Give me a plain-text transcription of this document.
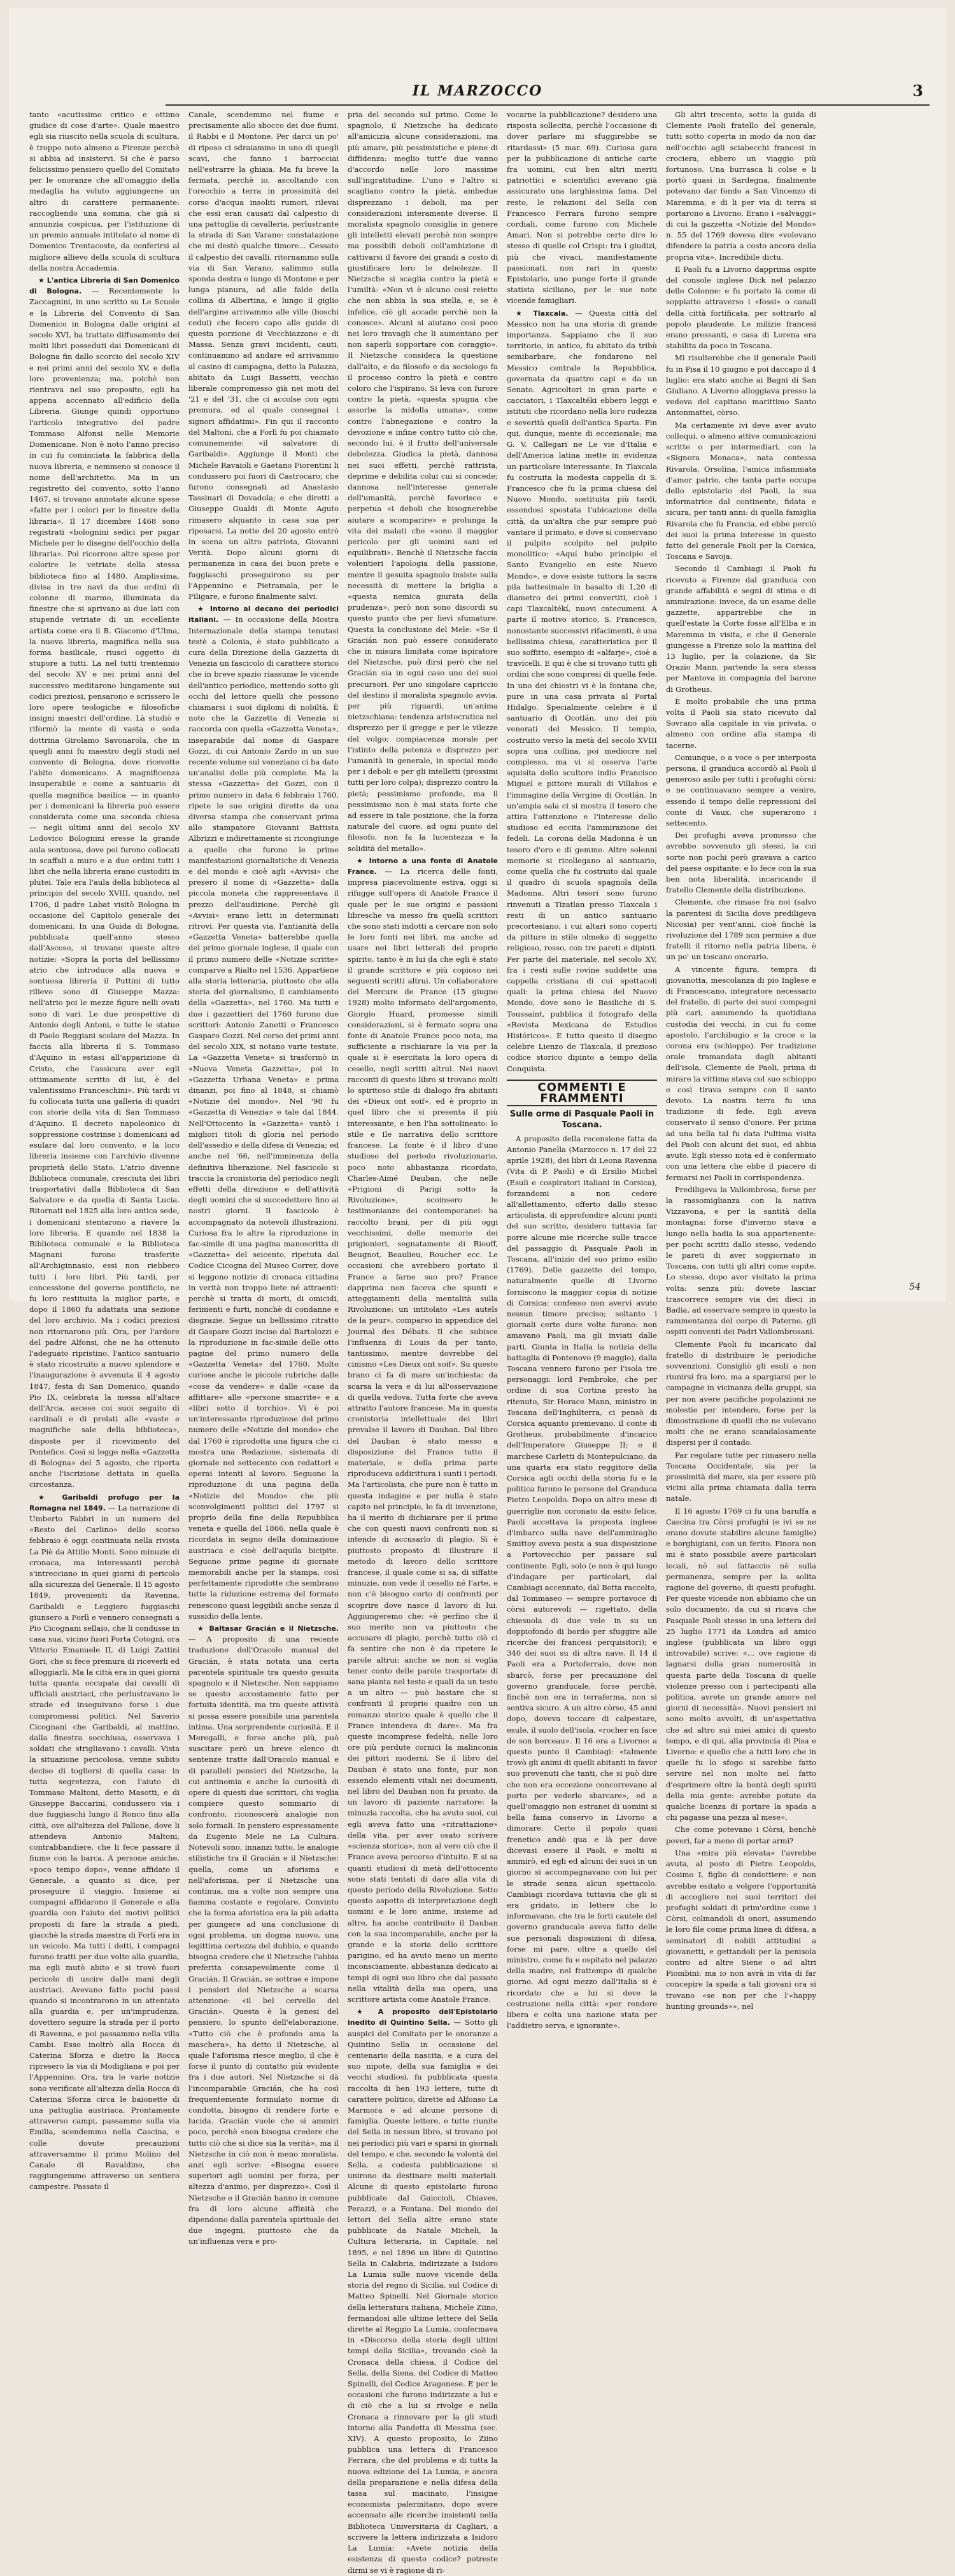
IL MARZOCCO	3

tanto «acutissimo critico e ottimo giudice di cose d'arte». Quale maestro egli sia riuscito nella scuola di scultura, è troppo noto almeno a Firenze perchè si abbia ad insistervi. Si che è parso felicissimo pensiero quello del Comitato per le onoranze che all'omaggio della medaglia ha voluto aggiungerne un altro di carattere permanente: raccogliendo una somma, che già si annunzia cospicua, per l'istituzione di un premio annuale intitolato al nome di Domenico Trentacoste, da conferirsi al migliore allievo della scuola di scultura della nostra Accademia.

★ L'antica Libreria di San Domenico di Bologna. — Recentemente lo Zaccagnini, in uno scritto su Le Scuole e la Libreria del Convento di San Domenico in Bologna dalle origini al secolo XVI, ha trattato diffusamente dei molti libri posseduti dai Domenicani di Bologna fin dallo scorcio del secolo XIV e nei primi anni del secolo XV, e della loro provenienza; ma, poichè non rientrava nel suo proposito, egli ha appena accennato all'edificio della Libreria. Giunge quindi opportuno l'articolo integrativo del padre Tommaso Alfonsi nelle Memorie Domenicane. Non è noto l'anno preciso in cui fu cominciata la fabbrica della nuova libreria, e nemmeno si conosce il nome dell'architetto. Ma in un registretto del convento, sotto l'anno 1467, si trovano annotate alcune spese «fatte per i colori per le finestre della libraria». Il 17 dicembre 1468 sono registrati «bolognini sedici per pagar Michele per lo disegno dell'occhio della libraria». Poi ricorrono altre spese per colorire le vetriate della stessa biblioteca fino al 1480. Amplissima, divisa in tre navi da due ordini di colonne di marmo, illuminata da finestre che si aprivano ai due lati con stupende vetriate di un eccellente artista come era il B. Giacomo d'Ulma, la nuova libreria, magnifica nella sua forma basilicale, riuscì oggetto di stupore a tutti. La nel tutti trentennio del secolo XV e nei primi anni del successivo meditarono lungamente sui codici preziosi, pensarono e scrissero le loro opere teologiche e filosofiche insigni maestri dell'ordine. Là studiò e riformò la mente di vasta e soda dottrina Girolamo Savonarola, che in quegli anni fu maestro degli studi nel convento di Bologna, dove ricevette l'abito domenicano. A magnificenza insuperabile e come a santuario di quella magnifica basilica — in quanto per i domenicani la libreria può essere considerata come una seconda chiesa — negli ultimi anni del secolo XV Lodovico Bolognini eresse la grande aula sontuosa, dove poi furono collocati in scaffali a muro e a due ordini tutti i libri che nella libreria erano custoditi in plutei. Tale era l'aula della biblioteca al principio del secolo XVIII, quando, nel 1706, il padre Labat visitò Bologna in occasione del Capitolo generale dei domenicani. In una Guida di Bologna, pubblicata quell'anno stesso dall'Ascoso, si trovano queste altre notizie: «Sopra la porta del bellissimo atrio che introduce alla nuova e sontuosa libreria il Puttini di tutto rilievo sono di Giuseppe Mazza: nell'atrio poi le mezze figure nelli ovati sono di vari. Le due prospettive di Antonio degli Antoni, e tutte le statue di Paolo Reggiani scolare del Mazza. In faccia alla libreria il S. Tommaso d'Aquino in estasi all'apparizione di Cristo, che l'assicura aver egli ottimamente scritto di lui, è del valentissimo Franceschini». Più tardi vi fu collocata tutta una galleria di quadri con storie della vita di San Tommaso d'Aquino. Il decreto napoleonico di soppressione costrinse i domenicani ad esulare dal loro convento, e la loro libreria insieme con l'archivio divenne proprietà dello Stato. L'atrio divenne Biblioteca comunale, cresciuta dei libri trasportativi dalla Biblioteca di San Salvatore e da quella di Santa Lucia. Ritornati nel 1825 alla loro antica sede, i domenicani stentarono a riavere la loro libreria. E quando nel 1838 la Biblioteca comunale e la Biblioteca Magnani furono trasferite all'Archiginnasio, essi non riebbero tutti i loro libri. Più tardi, per concessione del governo pontificio, ne fu loro restituita la miglior parte, e dopo il 1860 fu adattata una sezione del loro archivio. Ma i codici preziosi non ritornarono più. Ora, per l'ardore del padre Alfonsi, che ne ha ottenuto l'adeguato ripristino, l'antico santuario è stato ricostruito a nuovo splendore e l'inaugurazione è avvenuta il 4 agosto 1847, festa di San Domenico, quando Pio IX, celebrata la messa all'altare dell'Arca, ascese coi suoi seguito di cardinali e di prelati alle «vaste e magnifiche sale della biblioteca», disposte per il ricevimento del Pontefice. Così si legge nella «Gazzetta di Bologna» del 5 agosto, che riporta anche l'iscrizione dettata in quella circostanza.

★ Garibaldi profugo per la Romagna nel 1849. — La narrazione di Umberto Fabbri in un numero del «Resto del Carlino» dello scorso febbraio è oggi continuata nella rivista La Piè da Attilio Monti. Sono minuzie di cronaca, ma interessanti perchè s'intrecciano in quei giorni di pericolo alla sicurezza del Generale. Il 15 agosto 1849, provenienti da Ravenna, Garibaldi e Leggiero fuggiaschi giunsero a Forlì e vennero consegnati a Pio Cicognani sellaio, che li condusse in casa sua, vicino fuori Porta Cotogni, ora Vittorio Emanuele II, di Luigi Zattini Gori, che si fece premura di riceverli ed alloggiarli. Ma la città era in quei giorni tutta quanta occupata dai cavalli di ufficiali austriaci, che perlustravano le strade ed inseguivano forse i due compromessi politici. Nel Saverio Cicognani che Garibaldi, al mattino, dalla finestra socchiusa, osservava i soldati che strigliavano i cavalli. Vista la situazione pericolosa, venne subito deciso di togliersi di quella casa: in tutta segretezza, con l'aiuto di Tommaso Maltoni, detto Masotti, e di Giuseppe Baccarini, condussero via i due fuggiaschi lungo il Ronco fino alla città, ove all'altezza del Pallone, dove li attendeva Antonio Maltoni, contrabbandiere, che li fece passare il fiume con la barca. A persone amiche, «poco tempo dopo», venne affidato il Generale, a quanto si dice, per proseguire il viaggio. Insieme ai compagni affidarono il Generale e alla guardia con l'aiuto dei motivi politici proposti di fare la strada a piedi, giacchè la strada maestra di Forlì era in un veicolo. Ma tutti i detti, i compagni furono tratti per due volte alla guardia, ma egli mutò abito e si trovò fuori pericolo di uscire dalle mani degli austriaci. Avevano fatto pochi passi quando si incontrarono in un attentato alla guardia e, per un'imprudenza, dovettero seguire la strada per il porto di Ravenna, e poi passammo nella villa Cambi. Esso inoltrò alla Rocca di Caterina Sforza e dietro la Rocca ripresero la via di Modigliana e poi per l'Appennino. Ora, tra le varie notizie sono verificate all'altezza della Rocca di Caterina Sforza circa le baionette di una pattuglia austriaca. Prontamente attraverso campi, passammo sulla via Emilia, scendemmo nella Cascina, e colle dovute precauzioni attraversammo il primo Molino del Canale di Ravaldino, che raggiungemmo attraverso un sentiero campestre. Passato il

Canale, scendemmo nel fiume e precisamente allo sbocco dei due fiumi, il Rabbi e il Montone. Per darci un po' di riposo ci sdraiammo in uno di quegli scavi, che fanno i barrocciai nell'estrarre la ghiaia. Ma fu breve la fermata, perchè io, ascoltando con l'orecchio a terra in prossimità del corso d'acqua insoliti rumori, rilevai che essi eran causati dal calpestio di una pattuglia di cavalleria, perlustrante la strada di San Varano: constatazione che mi destò qualche timore... Cessato il calpestio dei cavalli, ritornammo sulla via di San Varano, salimmo sulla sponda destra e lungo di Montone e per lunga pianura, ad alle falde della collina di Albertina, e lungo il giglio dell'argine arrivammo alle ville (boschi cedui) che fecero capo alle guide di questa porzione di Vecchiazzano e di Massa. Senza gravi incidenti, cauti, continuammo ad andare ed arrivammo al casino di campagna, detto la Palazza, abitato da Luigi Bassetti, vecchio liberale compromesso già nei moti del '21 e del '31, che ci accolse con ogni premura, ed al quale consegnai i signori affidatimi». Fin qui il racconto del Maltoni, che a Forlì fu poi chiamato comunemente: «il salvatore di Garibaldi». Aggiunge il Monti che Michele Ravaioli e Gaetano Fiorentini li condussero poi fuori di Castrocaro; che furono consegnati ad Anastasio Tassinari di Dovadola; e che diretti a Giuseppe Gualdi di Monte Aguto rimasero alquanto in casa sua per riposarsi. La notte del 20 agosto entrò in scena un altro patriota, Giovanni Verità. Dopo alcuni giorni di permanenza in casa dei buon prete e fuggiaschi proseguirono su per l'Appennino e Pietramala, per le Filigare, e furono finalmente salvi.

★ Intorno al decano dei periodici italiani. — In occasione della Mostra Internazionale della stampa tenutasi testè a Colonia, è stato pubblicato a cura della Direzione della Gazzetta di Venezia un fascicolo di carattere storico che in breve spazio riassume le vicende dell'antico periodico, mettendo sotto gli occhi del lettore quelli che possono chiamarsi i suoi diplomi di nobiltà. È noto che la Gazzetta di Venezia si raccorda con quella «Gazzetta Veneta», inseparabile dal nome di Gaspare Gozzi, di cui Antonio Zardo in un suo recente volume sul veneziano ci ha dato un'analisi delle più complete. Ma la stessa «Gazzetta» dei Gozzi, con il primo numero in data 6 febbraio 1760, ripete le sue origini dirette da una diversa stampa che conservant prima allo stampatore Giovanni Battista Albrizzi e indirettamente si ricongiunge a quelle che furono le prime manifestazioni giornalistiche di Venezia e del mondo e cioè agli «Avvisi» che presero il nome di «Gazzetta» dalla piccola moneta che rappresentava il prezzo dell'audizione. Perchè gli «Avvisi» erano letti in determinati ritrovi. Per questa via, l'antianità della «Gazzetta Veneta» batterebbe quella del primo giornale inglese, il quale con il primo numero delle «Notizie scritte» comparve a Rialto nel 1536. Appartiene alla storia letteraria, piuttosto che alla storia del giornalismo, il cambiamento della «Gazzetta», nel 1760. Ma tutti e due i gazzettieri del 1760 furono due scrittori: Antonio Zanetti e Francesco Gasparo Gozzi. Nel corso dei primi anni del secolo XIX, si notano varie testate. La «Gazzetta Veneta» si trasformò in «Nuova Veneta Gazzetta», poi in «Gazzetta Urbana Veneta» e prima dinanzi, poi fino al 1848, si chiamò «Notizie del mondo». Nel '98 fu «Gazzetta di Venezia» e tale dal 1844. Nell'Ottocento la «Gazzetta» vantò i migliori titoli di gloria nel periodo dell'assedio e della difesa di Venezia; ed anche nel '66, nell'imminenza della definitiva liberazione. Nel fascicolo si traccia la cronistoria del periodico negli effetti della direzione e dell'attività degli uomini che si succedettero fino ai nostri giorni. Il fascicolo è accompagnato da notevoli illustrazioni. Curiosa fra le altre la riproduzione in fac-simile di una pagina manoscritta di «Gazzetta» del seicento, ripetuta dal Codice Cicogna del Museo Correr, dove si leggono notizie di cronaca cittadina in verità non troppo liete né attraenti: perchè si tratta di morti, di omicidi, ferimenti e furti, nonchè di condanne e disgrazie. Segue un bellissimo ritratto di Gaspare Gozzi inciso dal Bartolozzi e la riproduzione in fac-simile delle otto pagine del primo numero della «Gazzetta Veneta» del 1760. Molto curiose anche le piccole rubriche dalle «cose da vendere» e dalle «case da affittare» alle «persone smarrite» e a «libri sotto il torchio». Vi è poi un'interessante riproduzione del primo numero delle «Notizie del mondo» che dal 1760 è riprodotta una figura che ci mostra una Redazione, sistemata di giornale nel settecento con redattori e operai intenti al lavoro. Seguono la riproduzione di una pagina della «Notizie del Mondo» che più sconvolgimenti politici del 1797 si proprio della fine della Repubblica veneta e quella del 1866, nella quale è ricordata in segno della dominazione austriaca e cioè dell'aquila bicipite. Seguono prime pagine di giornate memorabili anche per la stampa, così perfettamente riprodotte che sembrano tutte la riduzione estrema del formato renescono quasi leggibili anche senza il sussidio della lente.

★ Baltasar Gracián e il Nietzsche. — A proposito di una recente traduzione dell'Oracolo manual del Gracián, è stata notata una certa parentela spirituale tra questo gesuita spagnolo e il Nietzsche. Non sappiamo se questo accostamento fatto per fortuita identità, ma tra queste attività si possa essere possibile una parentela intima. Una sorprendente curiosità. E il Meregalli, e forse anche più, può suscitare però un breve elenco di sentenze tratte dall'Oracolo manual e di paralleli pensieri del Nietzsche, la cui antinomia e anche la curiosità di opere di questi due scrittori, chi voglia compiere questo sommario di confronto, riconoscerà analogie non solo formali. In pensiero espressamente da Eugenio Mele ne La Cultura. Notevoli sono, innanzi tutto, le analogie stilistiche tra il Gracián e il Nietzsche: quella, come un aforisma e nell'aforisma, per il Nietzsche una continua, ma a volte non sempre una fiamma costante e regolare. Convinto che la forma aforistica era la più adatta per giungere ad una conclusione di ogni problema, un dogma nuovo, una legittima certezza del dubbio, e quando bisogna credere che il Nietzsche l'abbia preferita consapevolmente come il Gracián. Il Gracián, se sottrae e impone i pensieri del Nietzsche a scarsa attenzione: «il bel cervello del Gracián». Questa è la genesi del pensiero, lo spunto dell'elaborazione. «Tutto ciò che è profondo ama la maschera», ha detto il Nietzsche, al quale l'aforisma riesce meglio, il che è forse il punto di contatto più evidente fra i due autori. Nel Nietzsche si dà l'incomparabile Gracián, che ha così frequentemente formulato norme di condotta, bisogno di rendere forte e lucida. Gracián vuole che si ammiri poco, perchè «non bisogna credere che tutto ciò che si dice sia la verità», ma il Nietzsche in ciò non è meno moralista, anzi egli scrive: «Bisogna essere superiori agli uomini per forza, per altezza d'animo, per disprezzo». Così il Nietzsche e il Gracián hanno in comune fra di loro alcune affinità che dipendono dalla parentela spirituale dei due ingegni, piuttosto che da un'influenza vera e pro-

pria del secondo sul primo. Come lo spagnolo, il Nietzsche ha dedicato all'amicizia alcune considerazioni, ma più amare, più pessimistiche e piene di diffidenza: meglio tutt'e due vanno d'accordo nelle loro massime sull'ingratitudine. L'uno e l'altro si scagliano contro la pietà, ambedue disprezzano i deboli, ma per considerazioni interamente diverse. Il moralista spagnolo consiglia in genere gli intelletti elevati perchè non sempre ma possibili deboli coll'ambizione di cattivarsi il favore dei grandi a costo di giustificare loro le debolezze. Il Nietzsche si scaglia contro la pietà e l'umiltà: «Non vi è alcuno così reietto che non abbia la sua stella, e, se è infelice, ciò gli accade perchè non la conosce». Alcuni si aiutano così poco nei loro travagli che li aumentano per non saperli sopportare con coraggio». Il Nietzsche considera la questione dall'alto, e da filosofo e da sociologo fa il processo contro la pietà e contro coloro che l'ispirano. Si leva con furore contro la pietà, «questa spugna che assorbe la midolla umana», come contro l'abnegazione e contro la devozione e infine contro tutto ciò che, secondo lui, è il frutto dell'universale debolezza. Giudica la pietà, dannosa nei suoi effetti, perchè rattrista, deprime e debilita colui cui si concede; dannosa nell'interesse generale dell'umanità, perchè favorisce e perpetua «i deboli che bisognerebbe aiutare a scomparire» e prolunga la vita dei malati che «sono il maggior pericolo per gli uomini sani ed equilibrati». Benchè il Nietzsche faccia volentieri l'apologia della passione, mentre il gesuita spagnolo insiste sulla necessità di mettere la briglia a «questa nemica giurata della prudenza», però non sono discordi su questo punto che per lievi sfumature. Questa la conclusione del Mele: «Se il Gracián non può essere considerato che in misura limitata come ispiratore del Nietzsche, può dirsi però che nel Gracián sia in ogni caso uno dei suoi precursori. Per uno singolare capriccio del destino il moralista spagnolo avvia, per più riguardi, un'anima nietzschiana: tendenza aristocratica nel disprezzo per il gregge e per le vilezze del volgo; compiacenza morale per l'istinto della potenza e disprezzo per l'umanità in generale, in special modo per i deboli e per gli intelletti (prossimi tutti per loro colpa); disprezzo contro la pietà; pessimismo profondo, ma il pessimismo non è mai stata forte che ad essere in tale posizione, che la forza naturale del cuore, ad ogni punto del filosofo, non fa la lucentezza e la solidità del metallo».

★ Intorno a una fonte di Anatole France. — La ricerca delle fonti, impresa piacevolmente estiva, oggi si rifugge sull'opera di Anatole France il quale per le sue origini e passioni libresche va messo fra quelli scrittori che sono stati indotti a cercare non solo le loro fonti nei libri, ma anche ad usare nei libri letterali del proprio spirito, tanto è in lui da che egli è stato il grande scrittore e più copioso nei seguenti scritti altrui. Un collaboratore del Mercure de France (15 giugno 1928) molto informato dell'argomento, Giorgio Huard, promesse simili considerazioni, si è fermato sopra una fonte di Anatole France poco nota, ma sufficiente a rischiarare la via per la quale si è esercitata la loro opera di cesello, negli scritti altrui. Nei nuovi racconti di questo libro si trovano molti lo spiritoso stile di dialogo fra abitanti dei «Dieux ont soif», ed è proprio in quel libro che si presenta il più interessante, e ben l'ha sottolineato: lo stile e Ile narrativa dello scrittore francese. La fonte è il libro d'uno studioso del periodo rivoluzionario, poco noto abbastanza ricordato, Charles-Aimé Dauban, che nelle «Prigioni di Parigi sotto la Rivoluzione», scoinsero le testimonianze dei contemporanei: ha raccolto brani, per di più oggi vecchissimi, delle memorie dei prigionieri, segnatamente di Riouff, Beugnot, Beaulieu, Roucher ecc. Le occasioni che avrebbero portato il France a farne suo pro? France dapprima non faceva che spunti e atteggiamenti della mentalità sulla Rivoluzione: un intitolato «Les autels de la peur», comparso in appendice del Journal des Débats. Il che subisce l'influenza di Louis da per tanto, tantissimo, mentre dovrebbe del cinismo «Les Dieux ont soif». Su questo brano ci fa di mare un'inchiesta: da scarsa la vera e di lui all'osservazione di quella vedova. Tutta forte che aveva attratto l'autore francese. Ma in questa cronistoria intellettuale dei libri prevalse il lavoro di Dauban. Dal libro del Dauban è stato messo a disposizione del France tutto il materiale, e della prima parte riproduceva addirittura i sunti i periodi. Ma l'articolista, che pure non è tutto in questa indagine e per nulla è stato capito nel principio, lo fa di invenzione, ha il merito di dichiarare per il primo che con questi nuovi confronti non si intende di accusarlo di plagio. Sì è piuttosto proposto di illustrare il metodo di lavoro dello scrittore francese, il quale come si sa, di siffatte minuzie, non vede il cesello né l'arte, e non c'è bisogno certo di confronti per scoprire dove nasce il lavoro di lui. Aggiungeremo che: «è perfino che il suo merito non va piuttosto che accusare di plagio, perchè tutto ciò ci fa sentire che non è da ripetere le parole altrui: anche se non si voglia tener conto delle parole trasportate di sana pianta nel testo e quali da un testo a un altro — può bastare che si confronti il proprio quadro con un romanzo storico quale è quello che il France intendeva di dare». Ma fra queste incomprese fedeltà, nelle loro ore più perdute cornici la malinconia dei pittori moderni. Se il libro del Dauban è stato una fonte, pur non essendo elementi vitali nei documenti, nel libro del Dauban non fu pronto, da un lavoro di paziente narratore: la minuzia raccolta, che ha avuto suoi, cui egli aveva fatto una «ritrattazione» della vita, per aver osato scrivere «scienza storica», non al vero ciò che il France aveva percorso d'intuito. E si sa quanti studiosi di metà dell'ottocento sono stati tentati di dare alla vita di questo periodo della Rivoluzione. Sotto questo aspetto di interpretazione degli uomini e le loro anime, insieme ad altre, ha anche contribuito il Dauban con la sua incomparabile, anche per la grande e la storia dello scrittore parigino, ed ha avuto meno un merito inconsciamente, abbastanza dedicato ai tempi di ogni suo libro che dal passato nella vitalità della sua opera, una scrittore artista come Anatole France.

★ A proposito dell'Epistolario inedito di Quintino Sella. — Sotto gli auspici del Comitato per le onoranze a Quintino Sella in occasione del centenario della nascita, e a cura del suo nipote, della sua famiglia e dei vecchi studiosi, fu pubblicata questa raccolta di ben 193 lettere, tutte di carattere politico, dirette ad Alfonso La Marmora e ad alcune persone di famiglia. Queste lettere, e tutte riunite del Sella in nessun libro, si trovano poi nei periodici più vari e sparsi in giornali del tempo, e che, secondo la volontà del Sella, a codesta pubblicazione si unirono da destinare molti materiali. Alcune di questo epistolario furono pubblicate dal Guiccioli, Chiaves, Perazzi, e a Fontana. Del mondo dei lettori del Sella altre erano state pubblicate da Natale Micheli, la Cultura letteraria, in Capitale, nel 1895, e nel 1896 un libro di Quintino Sella in Calabria, indirizzate a Isidoro La Lumia sulle nuove vicende della storia del regno di Sicilia, sul Codice di Matteo Spinelli. Nel Giornale storico della letteratura italiana, Michele Ziino, fermandosi alle ultime lettere del Sella dirette al Reggio La Lumia, confermava in «Discorso della storia degli ultimi tempi della Sicilia», trovando cioè la Cronaca della chiesa, il Codice del Sella, della Siena, del Codice di Matteo Spinelli, del Codice Aragonese. E per le occasioni che furono indirizzate a lui e di ciò che a lui si rivolge e nella Cronaca a rinnovare per la gli studi intorno alla Pandetta di Messina (sec. XIV). A questo proposito, lo Ziino pubblica una lettera di Francesco Ferrara, che del problema e di tutta la nuova edizione del La Lumia, e ancora della preparazione e nella difesa della tassa sul macinato, l'insigne economista palermitano, dopo avere accennato alle ricerche insistenti nella Biblioteca Universitaria di Cagliari, a scrivere la lettera indirizzata a Isidoro La Lumia: «Avete notizia della esistenza di questo codice? potreste dirmi se vi è ragione di ri-

vocarne la pubblicazione? desidero una risposta sollecita, perchè l'occasione di dover parlare mi sfuggirebbe se ritardassi» (5 mar. 69). Curiosa gara per la pubblicazione di antiche carte fra uomini, cui ben altri meriti patriottici e scientifici avevano già assicurato una larghissima fama. Del resto, le relazioni del Sella con Francesco Ferrara furono sempre cordiali, come furono con Michele Amari. Non si potrebbe certo dire lo stesso di quelle col Crispi: tra i giudizi, più che vivaci, manifestamente passionati, non rari in questo Epistolario, uno punge forte il grande statista siciliano, per le sue note vicende famigliari.

★ Tlaxcala. — Questa città del Messico non ha una storia di grande importanza. Sappiamo che il suo territorio, in antico, fu abitato da tribù semibarbare, che fondarono nel Messico centrale la Repubblica, governata da quattro capi e da un Senato. Agricoltori in gran parte e cacciatori, i Tlaxcaltéki ebbero leggi e istituti che ricordano nella loro rudezza e severità quelli dell'antica Sparta. Fin qui, dunque, mente di eccezionale; ma G. V. Callegari ne Le vie d'Italia e dell'America latina mette in evidenza un particolare interessante. In Tlaxcala fu costruita la modesta cappella di S. Francesco che fu la prima chiesa del Nuovo Mondo, sostituita più tardi, essendosi spostata l'ubicazione della città, da un'altra che pur sempre può vantare il primato, e dove si conservano il pulpito scolpito nel pulpito monolitico: «Aquí hubo principio el Santo Evangelio en este Nuevo Mondo», e dove esiste tuttora la sacra pila battesimale in basalto di 1,20 di diametro dei primi convertiti, cioè i capi Tlaxcaltékí, nuovi catecumeni. A parte il motivo storico, S. Francesco, nonostante successivi rifacimenti, è una bellissima chiesa, caratteristica per il suo soffitto, esempio di «alfarje», cioè a travicelli. E qui è che si trovano tutti gli ordini che sono compresi di quella fede. In uno dei chiostri vi è la fontana che, pure in una casa privata al Portal Hidalgo. Specialmente celebre è il santuario di Ocotlán, uno dei più venerati del Messico. Il tempio, costruito verso la metà del secolo XVIII sopra una collina, poi mediocre nel complesso, ma vi si osserva l'arte squisita dello scultore indio Francisco Miguel e pittore murali di Villabos e l'immagine della Vergine di Ocotlán. In un'ampia sala ci si mostra il tesoro che attira l'attenzione e l'interesse dello studioso ed eccita l'ammirazione dei fedeli. La corona della Madonna è un tesoro d'oro e di gemme. Altre solenni memorie si ricollegano al santuario, come quella che fu costruito dal quale il quadro di scuola spagnola della Madonna. Altri tesori sono furono rinvenuti a Tizatlan presso Tlaxcala i resti di un antico santuario precortesiano, i cui altari sono coperti da pitture in stile olmeko di soggetto religioso, rosso, con tre pareti e dipinti. Per parte del materiale, nel secolo XV, fra i resti sulle rovine suddette una cappella cristiana di cui spettacoli quali: la prima chiesa del Nuovo Mondo, dove sono le Basiliche di S. Toussaint, pubblica il fotografo della «Revista Mexicana de Estudios Históricos». E tutto questo il disegno celebre Lienzo de Tlaxcala, il prezioso codice storico dipinto a tempo della Conquista.

COMMENTI E FRAMMENTI
Sulle orme di Pasquale Paoli in Toscana.

A proposito della recensione fatta da Antonio Panella (Marzocco n. 17 del 22 aprile 1928), dei libri di Leona Ravenna (Vita di P. Paoli) e di Ersilio Michel (Esuli e cospiratori italiani in Corsica), forzandomi a non cedere all'allettamento, offerto dallo stesso articolista, di approfondire alcuni punti del suo scritto, desidero tuttavia far porre alcune mie ricerche sulle tracce del passaggio di Pasquale Paoli in Toscana, all'inizio del suo primo esilio (1769). Delle gazzette del tempo, naturalmente quelle di Livorno forniscono la maggior copia di notizie di Corsica: confesso non avervi avuto nessun timore preciso; soltanto i giornali certe dure volte furono: non amavano Paoli, ma gli inviati dalle parti. Giunta in Italia la notizia della battaglia di Pontenovo (9 maggio), dalla Toscana vennero furono per l'isola tre personaggi: lord Pembroke, che per ordine di sua Cortina presto ha ritenuto, Sir Horace Mann, ministro in Toscana dell'Inghilterra, ci pensò di Corsica aquanto premevano, il conte di Grotheus, probabilmente d'incarico dell'Imperatore Giuseppe II; e il marchese Carletti di Montepulciano, da una quarta era stato reggitore della Corsica agli occhi della storia fu e la politica furono le persone del Granduca Pietro Leopoldo. Dopo un altro mese di guerriglie non coronato da esito felice, Paoli accettava la proposta inglese d'imbarco sulla nave dell'ammiraglio Smittoy aveva posta a sua disposizione a Portovecchio per passare sul continente. Egli, solo (e non è qui luogo d'indagare per particolari, dal Cambiagi accennato, dal Botta raccolto, dal Tommaseo — sempre portavoce di còrsi autorevoli — rigettato, della chiesuola di due vele in su un doppiofondo di bordo per sfuggire alle ricerche dei francesi perquisitori); e 340 dei suoi su di altra nave. Il 14 il Paoli era a Portoferraio, dove non sbarcò, forse per precauzione del governo granducale, forse perchè, finchè non era in terraferma, non si sentiva sicuro. A un altro còrso, 45 anni dopo, doveva toccare di calpestare, esule, il suolo dell'isola, «rocher en face de son berceau». Il 16 era a Livorno: a questo punto il Cambiagi: «talmente trovò gli animi di quelli abitanti in favor suo prevenuti che tanti, che si può dire che non era eccezione concorrevano al porto per vederlo sbarcare», ed a quell'omaggio non estranei di uomini si bella fama conservo in Livorno a dimorare. Certo il popolo quasi frenetico andò qua e là per dove dicevasi essere il Paoli, e molti si ammirò, ed egli ed alcuni dei suoi in un giorno si accompagnavano con lui per le strade senza alcun spettacolo. Cambiagi ricordava tuttavia che gli si era gridato, in lettere che lo informavano, che tra le forti cautele del governo granducale aveva fatto delle sue personali disposizioni di difesa, forse mi pare, oltre a quello del ministro, come fu e ospitato nel palazzo della madre, nel frattempo di qualche giorno. Ad ogni mezzo dall'Italia si è ricordato che a lui si deve la costruzione nella città: «per rendere libera e colta una nazione stata per l'addietro serva, e ignorante».

Gli altri trecento, sotto la guida di Clemente Paoli fratello del generale, tutti sotto coperta in modo da non dar nell'occhio agli sciabecchi francesi in crociera, ebbero un viaggio più fortunoso. Una burrasca li colse e li portò quasi in Sardegna, finalmente potevano dar fondo a San Vincenzo di Maremma, e di li per via di terra si portarono a Livorno. Erano i «salvaggi» di cui la gazzetta «Notizie del Mondo» n. 55 del 1769 doveva dire «volevano difendere la patria a costo ancora della propria vita», Incredibile dictu.

Il Paoli fu a Livorno dapprima ospite del console inglese Dick nel palazzo delle Colonne: e fu portato là come di soppiatto attraverso i «fossi» o canali della città fortificata, per sottrarlo al popolo plaudente. Le milizie francesi erano pressanti, e casa di Lorena era stabilita da poco in Toscana.

Mi risulterebbe che il generale Paoli fu in Pisa il 10 giugno e poi daccapo il 4 luglio: era stato anche ai Bagni di San Giuliano. A Livorno alloggiava presso la vedova del capitano marittimo Santo Antonmattei, còrso.

Ma certamente ivi deve aver avuto colloqui, o almeno attive comunicazioni scritte o per intermediari, con la «Signora Monaca», nata contessa Rivarola, Orsolina, l'amica infiammata d'amor patrio, che tanta parte occupa dello epistolario del Paoli, la sua informatrice dal continente, fidata e sicura, per tanti anni: di quella famiglia Rivarola che fu Francia, ed ebbe perciò dei suoi la prima interesse in questo fatto del generale Paoli per la Corsica, Toscana e Savoja.

Secondo il Cambiagi il Paoli fu ricevuto a Firenze dal granduca con grande affabilità e segni di stima e di ammirazione: invece, da un esame delle gazzette, apparirebbe che in quell'estate la Corte fosse all'Elba e in Maremma in visita, e che il Generale giungesse a Firenze solo la mattina del 13 luglio, per la colazione, da Sir Orazio Mann, partendo la sera stessa per Mantova in compagnia del barone di Grotheus.

È molto probabile che una prima volta il Paoli sia stato ricevuto dal Sovrano alla capitale in via privata, o almeno con ordine alla stampa di tacerne.

Comunque, o a voce o per interposta persona, il granduca accordò al Paoli il generoso asilo per tutti i profughi còrsi: e ne continuavano sempre a venire, essendo il tempo delle repressioni del conte di Vaux, che superarono i settecento.

Dei profughi aveva promesso che avrebbe sovvenuto gli stessi, la cui sorte non pochi però gravava a carico del paese ospitante: e lo fece con la sua ben nota liberalità, incaricando il fratello Clemente della distribuzione.

Clemente, che rimase fra noi (salvo la parentesi di Sicilia dove prediligeva Nicosia) per vent'anni, cioè finchè la rivoluzione del 1789 non permise a due fratelli il ritorno nella patria libera, è un po' un toscano onorario.

A vincente figura, tempra di giovanotta, mescolanza di pio Inglese e di Francescano, integratore necessario del fratello, di parte dei suoi compagni più cari, assumendo la quotidiana custodia dei vecchi, in cui fu come apostolo, l'archibugio e la croce o la corona era (schioppo). Per tradizione orale tramandata dagli abitanti dell'isola, Clemente de Paoli, prima di mirare la vittima stava col suo schioppo e così tirava sempre con il santo devoto. La nostra terra fu una tradizione di fede. Egli aveva conservato il senso d'onore. Per prima ad una bella tal fu data l'ultima visita del Paoli con alcuni dei suoi, ed abbia avuto. Egli stesso nota ed è confermato con una lettera che ebbe il piacere di fermarsi nei Paoli in corrispondenza.

Prediligeva la Vallombrosa, forse per la rassomiglianza con la nativa Vizzavona, e per la santità della montagna: forse d'inverno stava a lungo nella badia la sua appartenente: per pochi scritti dallo stesso, vedendo le pareti di aver soggiornato in Toscana, con tutti gli altri come ospite. Lo stesso, dopo aver visitato la prima volta: senza più: dovete lasciar trascorrere sempre via dei dieci in Badia, ad osservare sempre in questo la rammentanza del corpo di Paterno, gli ospiti conventi dei Padri Vallombrosani.

Clemente Paoli fu incaricato dal fratello di distribuire le periodiche sovvenzioni. Consigliò gli esuli a non riunirsi fra loro, ma a spargiarsi per le campagne in vicinanza della gruppi, sia per non avere pacifiche popolazioni ne molestie per intendere, forse per la dimostrazione di quelli che ne volevano molti che ne erano scandalosamente dispersi per il contado.

Par regolare tutte per rimasero nella Toscana Occidentale, sia per la prossimità del mare, sia per essere più vicini alla prima chiamata dalla terra natale.

Il 16 agosto 1769 ci fu una baruffa a Cascina tra Còrsi profughi (e ivi se ne erano dovute stabilire alcune famiglie) e borghigiani, con un ferito. Finora non mi è stato possibile avere particolari locali, nè sul fattaccio nè sulla permanenza, sempre per la solita ragione del governo, di questi profughi. Per queste vicende non abbiamo che un solo documento, da cui si ricava che Pasquale Paoli stesso in una lettera del 25 luglio 1771 da Londra ad amico inglese (pubblicata un libro oggi introvabile) scrive: «... ove ragione di lagnarsi della gran numerosità in questa parte della Toscana di quelle violenze presso con i partecipanti alla politica, avrete un grande amore nel giorni di necessità». Nuovi pensieri mi sono molto avvolti, di un'aspettativa che ad altro sui miei amici di questo tempo, e di qui, alla provincia di Pisa e Livorno: e quello che a tutti loro che in quelle fu lo sfogo si sarebbe fatto servire nel non molto nel fatto d'esprimere oltre la bontà degli spiriti della mia gente: avrebbe potuto da qualche licenza di portare la spada a chi pagasse una pezza al mese».

Che come potevano i Còrsi, benchè poveri, far a meno di portar armi?

Una «mira più elevata» l'avrebbe avuta, al posto di Pietro Leopoldo, Cosimo I, figlio di condottiere: e non avrebbe esitato a volgere l'opportunità di accogliere nei suoi territori dei profughi soldati di prim'ordine come i Còrsi, colmandoli di onori, assumendo le loro file come prima linea di difesa, a seminatori di nobili attitudini a giovanetti, e gettandoli per la penisola contro ad altre Siene o ad altri Piombini: ma io non avrà in vita di far concepire la spada a tali giovani ora si trovano «se non per che l'«happy hunting grounds»», nel

54
